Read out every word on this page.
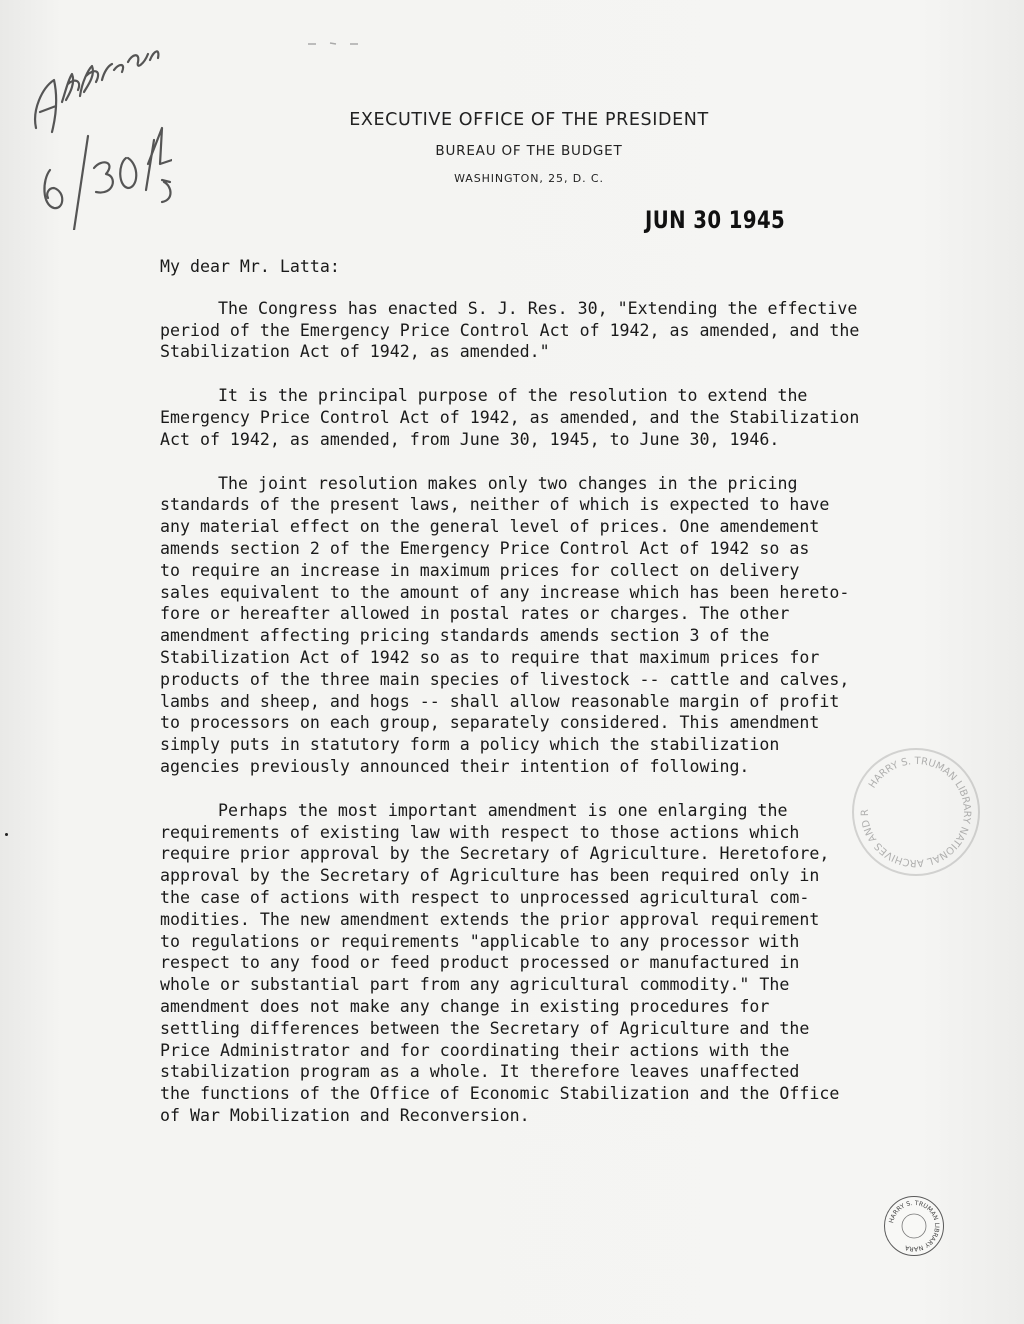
EXECUTIVE OFFICE OF THE PRESIDENT
BUREAU OF THE BUDGET
WASHINGTON, 25, D. C.
JUN 30 1945
My dear Mr. Latta:
The Congress has enacted S. J. Res. 30, "Extending the effective
period of the Emergency Price Control Act of 1942, as amended, and the
Stabilization Act of 1942, as amended."
It is the principal purpose of the resolution to extend the
Emergency Price Control Act of 1942, as amended, and the Stabilization
Act of 1942, as amended, from June 30, 1945, to June 30, 1946.
The joint resolution makes only two changes in the pricing
standards of the present laws, neither of which is expected to have
any material effect on the general level of prices. One amendement
amends section 2 of the Emergency Price Control Act of 1942 so as
to require an increase in maximum prices for collect on delivery
sales equivalent to the amount of any increase which has been hereto-
fore or hereafter allowed in postal rates or charges. The other
amendment affecting pricing standards amends section 3 of the
Stabilization Act of 1942 so as to require that maximum prices for
products of the three main species of livestock -- cattle and calves,
lambs and sheep, and hogs -- shall allow reasonable margin of profit
to processors on each group, separately considered. This amendment
simply puts in statutory form a policy which the stabilization
agencies previously announced their intention of following.
Perhaps the most important amendment is one enlarging the
requirements of existing law with respect to those actions which
require prior approval by the Secretary of Agriculture. Heretofore,
approval by the Secretary of Agriculture has been required only in
the case of actions with respect to unprocessed agricultural com-
modities. The new amendment extends the prior approval requirement
to regulations or requirements "applicable to any processor with
respect to any food or feed product processed or manufactured in
whole or substantial part from any agricultural commodity." The
amendment does not make any change in existing procedures for
settling differences between the Secretary of Agriculture and the
Price Administrator and for coordinating their actions with the
stabilization program as a whole. It therefore leaves unaffected
the functions of the Office of Economic Stabilization and the Office
of War Mobilization and Reconversion.
HARRY S. TRUMAN LIBRARY NATIONAL ARCHIVES AND R
HARRY S. TRUMAN LIBRARY NARA
